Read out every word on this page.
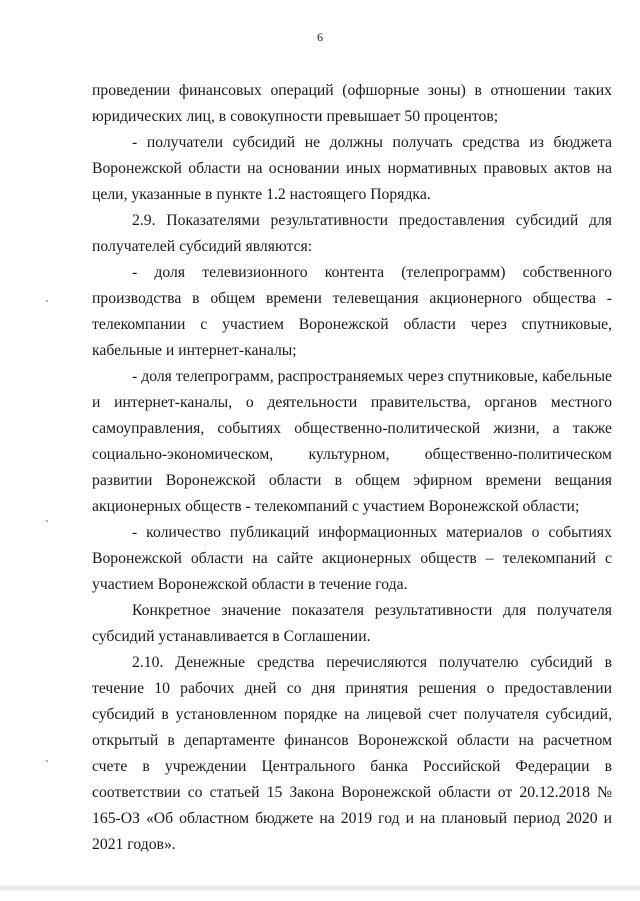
6

проведении финансовых операций (офшорные зоны) в отношении таких юридических лиц, в совокупности превышает 50 процентов;

- получатели субсидий не должны получать средства из бюджета Воронежской области на основании иных нормативных правовых актов на цели, указанные в пункте 1.2 настоящего Порядка.

2.9. Показателями результативности предоставления субсидий для получателей субсидий являются:

- доля телевизионного контента (телепрограмм) собственного производства в общем времени телевещания акционерного общества - телекомпании с участием Воронежской области через спутниковые, кабельные и интернет-каналы;

- доля телепрограмм, распространяемых через спутниковые, кабельные и интернет-каналы, о деятельности правительства, органов местного самоуправления, событиях общественно-политической жизни, а также социально-экономическом, культурном, общественно-политическом развитии Воронежской области в общем эфирном времени вещания акционерных обществ - телекомпаний с участием Воронежской области;

- количество публикаций информационных материалов о событиях Воронежской области на сайте акционерных обществ – телекомпаний с участием Воронежской области в течение года.

Конкретное значение показателя результативности для получателя субсидий устанавливается в Соглашении.

2.10. Денежные средства перечисляются получателю субсидий в течение 10 рабочих дней со дня принятия решения о предоставлении субсидий в установленном порядке на лицевой счет получателя субсидий, открытый в департаменте финансов Воронежской области на расчетном счете в учреждении Центрального банка Российской Федерации в соответствии со статьей 15 Закона Воронежской области от 20.12.2018 № 165-ОЗ «Об областном бюджете на 2019 год и на плановый период 2020 и 2021 годов».
